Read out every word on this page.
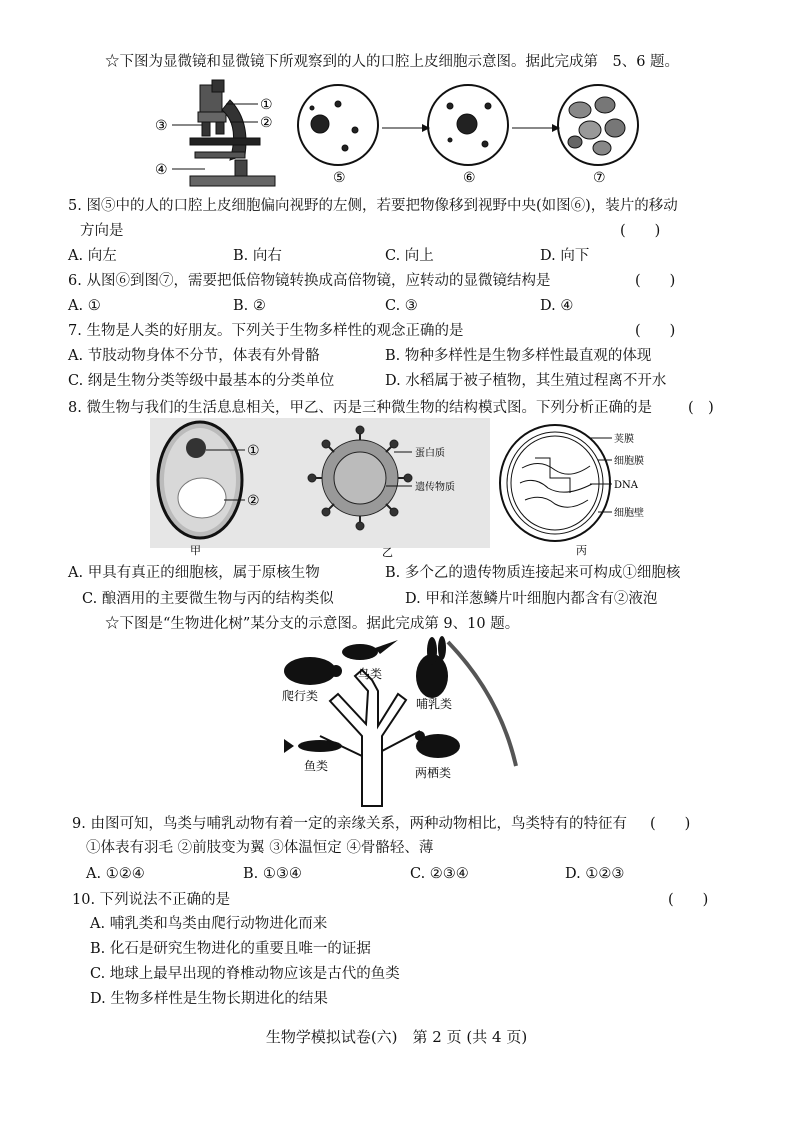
☆下图为显微镜和显微镜下所观察到的人的口腔上皮细胞示意图。据此完成第　5、6 题。
①
②
③
④	⑤	⑥	⑦
5. 图⑤中的人的口腔上皮细胞偏向视野的左侧，若要把物像移到视野中央(如图⑥)，装片的移动
方向是	(　　)
A. 向左	B. 向右	C. 向上	D. 向下
6. 从图⑥到图⑦，需要把低倍物镜转换成高倍物镜，应转动的显微镜结构是	(　　)
A. ①	B. ②	C. ③	D. ④
7. 生物是人类的好朋友。下列关于生物多样性的观念正确的是	(　　)
A. 节肢动物身体不分节，体表有外骨骼	B. 物种多样性是生物多样性最直观的体现
C. 纲是生物分类等级中最基本的分类单位	D. 水稻属于被子植物，其生殖过程离不开水
8. 微生物与我们的生活息息相关，甲乙、丙是三种微生物的结构模式图。下列分析正确的是 (　)
①
②
甲
蛋白质
遗传物质
乙
荚膜
细胞膜
DNA
细胞壁
丙
A. 甲具有真正的细胞核，属于原核生物	B. 多个乙的遗传物质连接起来可构成①细胞核
C. 酿酒用的主要微生物与丙的结构类似	D. 甲和洋葱鳞片叶细胞内都含有②液泡
☆下图是“生物进化树”某分支的示意图。据此完成第 9、10 题。
爬行类
鸟类
哺乳类
鱼类	两栖类
9. 由图可知，鸟类与哺乳动物有着一定的亲缘关系，两种动物相比，鸟类特有的特征有 (　　)
①体表有羽毛 ②前肢变为翼 ③体温恒定 ④骨骼轻、薄
A. ①②④	B. ①③④	C. ②③④	D. ①②③
10. 下列说法不正确的是	(　　)
A. 哺乳类和鸟类由爬行动物进化而来
B. 化石是研究生物进化的重要且唯一的证据
C. 地球上最早出现的脊椎动物应该是古代的鱼类
D. 生物多样性是生物长期进化的结果
生物学模拟试卷(六)　第 2 页 (共 4 页)
